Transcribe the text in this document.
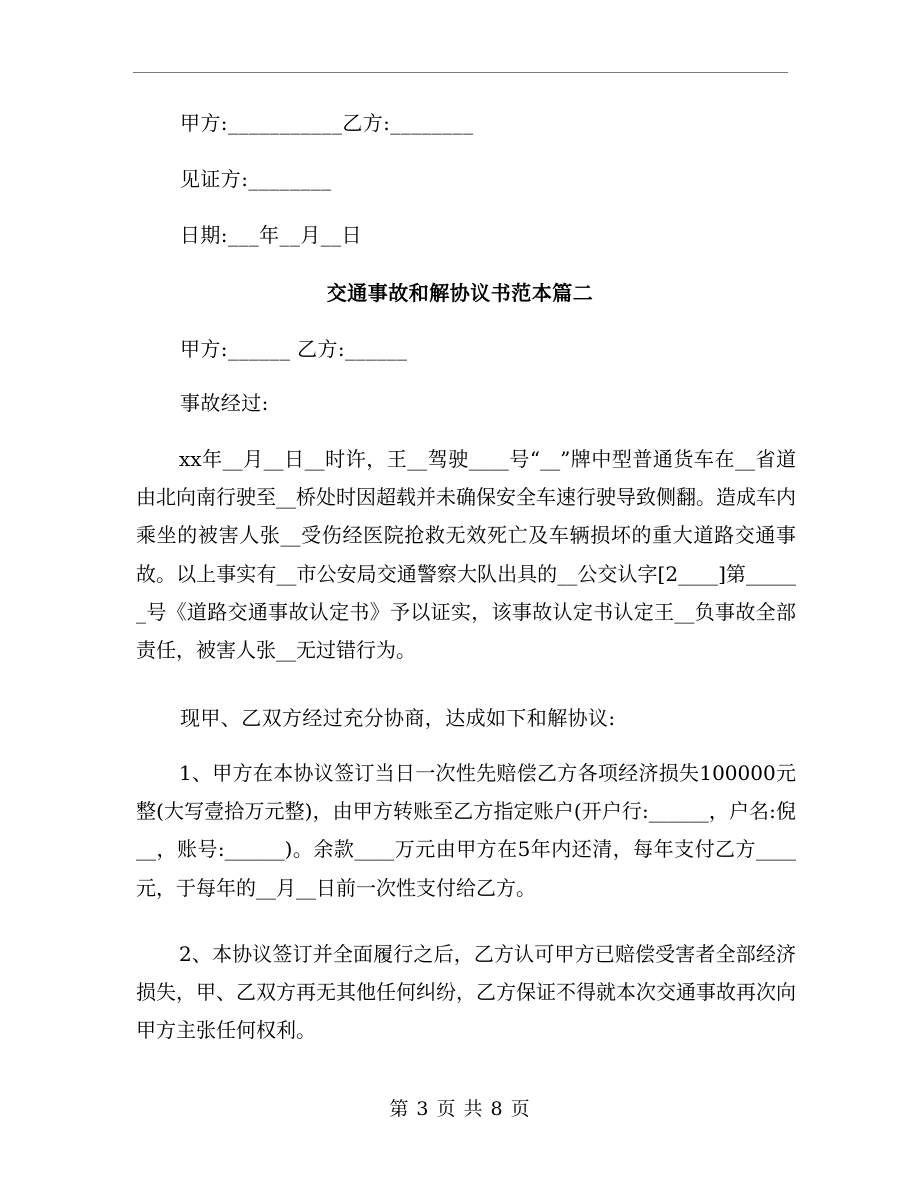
甲方:___________乙方:________
见证方:________
日期:___年__月__日
交通事故和解协议书范本篇二
甲方:______ 乙方:______
事故经过:
xx年__月__日__时许，王__驾驶____号“__”牌中型普通货车在__省道由北向南行驶至__桥处时因超载并未确保安全车速行驶导致侧翻。造成车内乘坐的被害人张__受伤经医院抢救无效死亡及车辆损坏的重大道路交通事故。以上事实有__市公安局交通警察大队出具的__公交认字[2____]第______号《道路交通事故认定书》予以证实，该事故认定书认定王__负事故全部责任，被害人张__无过错行为。
现甲、乙双方经过充分协商，达成如下和解协议:
1、甲方在本协议签订当日一次性先赔偿乙方各项经济损失100000元整(大写壹拾万元整)，由甲方转账至乙方指定账户(开户行:______，户名:倪__，账号:______)。余款____万元由甲方在5年内还清，每年支付乙方____元，于每年的__月__日前一次性支付给乙方。
2、本协议签订并全面履行之后，乙方认可甲方已赔偿受害者全部经济损失，甲、乙双方再无其他任何纠纷，乙方保证不得就本次交通事故再次向甲方主张任何权利。
第 3 页 共 8 页
